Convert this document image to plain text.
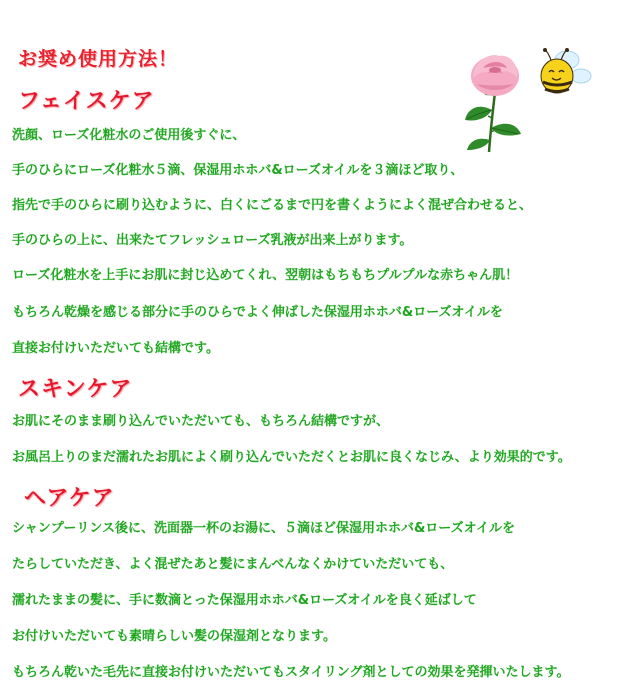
お奨め使用方法！
フェイスケア
洗顔、ローズ化粧水のご使用後すぐに、
手のひらにローズ化粧水５滴、保湿用ホホバ&ローズオイルを３滴ほど取り、
指先で手のひらに刷り込むように、白くにごるまで円を書くようによく混ぜ合わせると、
手のひらの上に、出来たてフレッシュローズ乳液が出来上がります。
ローズ化粧水を上手にお肌に封じ込めてくれ、翌朝はもちもちプルプルな赤ちゃん肌！
もちろん乾燥を感じる部分に手のひらでよく伸ばした保湿用ホホバ&ローズオイルを
直接お付けいただいても結構です。
スキンケア
お肌にそのまま刷り込んでいただいても、もちろん結構ですが、
お風呂上りのまだ濡れたお肌によく刷り込んでいただくとお肌に良くなじみ、より効果的です。
ヘアケア
シャンプーリンス後に、洗面器一杯のお湯に、５滴ほど保湿用ホホバ&ローズオイルを
たらしていただき、よく混ぜたあと髪にまんべんなくかけていただいても、
濡れたままの髪に、手に数滴とった保湿用ホホバ&ローズオイルを良く延ばして
お付けいただいても素晴らしい髪の保湿剤となります。
もちろん乾いた毛先に直接お付けいただいてもスタイリング剤としての効果を発揮いたします。
